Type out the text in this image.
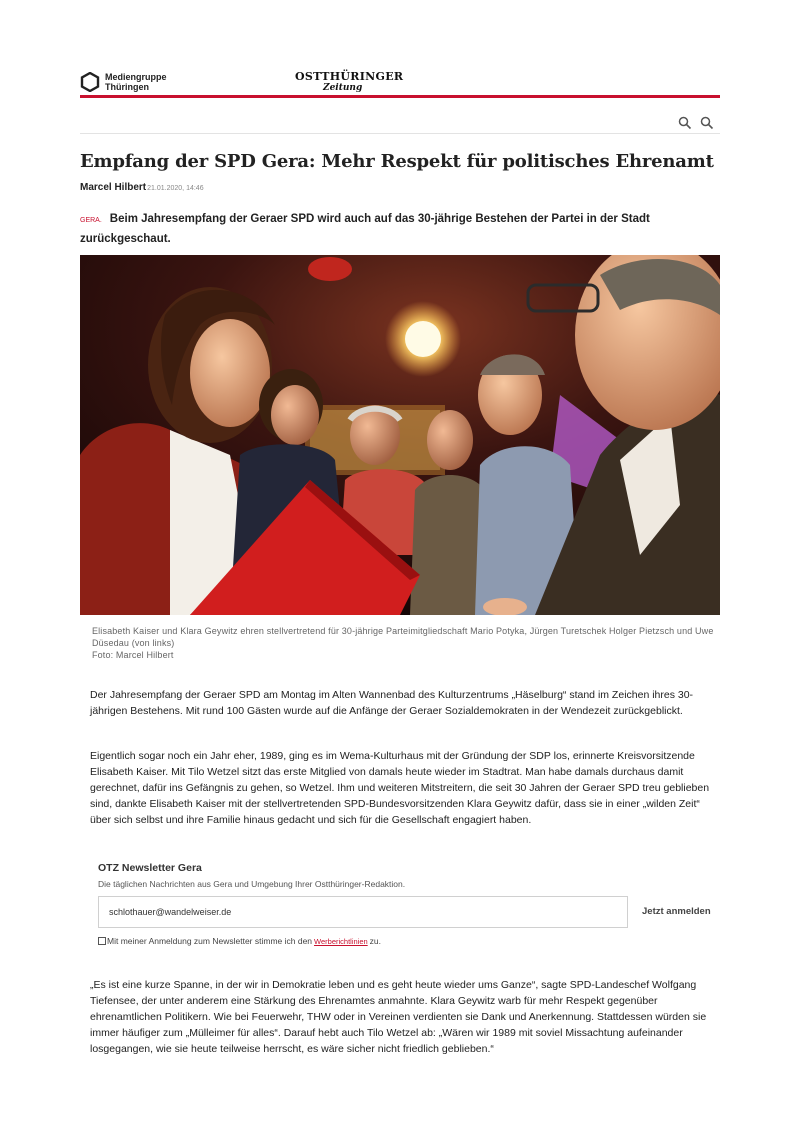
Mediengruppe
Thüringen
OSTTHÜRINGER
Zeitung
Empfang der SPD Gera: Mehr Respekt für politisches Ehrenamt
Marcel Hilbert21.01.2020, 14:46

GERA. Beim Jahresempfang der Geraer SPD wird auch auf das 30-jährige Bestehen der Partei in der Stadt zurückgeschaut.

Elisabeth Kaiser und Klara Geywitz ehren stellvertretend für 30-jährige Parteimitgliedschaft Mario Potyka, Jürgen Turetschek Holger Pietzsch und Uwe Düsedau (von links)
Foto: Marcel Hilbert

Der Jahresempfang der Geraer SPD am Montag im Alten Wannenbad des Kulturzentrums „Häselburg“ stand im Zeichen ihres 30-jährigen Bestehens. Mit rund 100 Gästen wurde auf die Anfänge der Geraer Sozialdemokraten in der Wendezeit zurückgeblickt.

Eigentlich sogar noch ein Jahr eher, 1989, ging es im Wema-Kulturhaus mit der Gründung der SDP los, erinnerte Kreisvorsitzende Elisabeth Kaiser. Mit Tilo Wetzel sitzt das erste Mitglied von damals heute wieder im Stadtrat. Man habe damals durchaus damit gerechnet, dafür ins Gefängnis zu gehen, so Wetzel. Ihm und weiteren Mitstreitern, die seit 30 Jahren der Geraer SPD treu geblieben sind, dankte Elisabeth Kaiser mit der stellvertretenden SPD-Bundesvorsitzenden Klara Geywitz dafür, dass sie in einer „wilden Zeit“ über sich selbst und ihre Familie hinaus gedacht und sich für die Gesellschaft engagiert haben.

OTZ Newsletter Gera
Die täglichen Nachrichten aus Gera und Umgebung Ihrer Ostthüringer-Redaktion.
schlothauer@wandelweiser.de
Jetzt anmelden
Mit meiner Anmeldung zum Newsletter stimme ich den Werberichtlinien zu.

„Es ist eine kurze Spanne, in der wir in Demokratie leben und es geht heute wieder ums Ganze“, sagte SPD-Landeschef Wolfgang Tiefensee, der unter anderem eine Stärkung des Ehrenamtes anmahnte. Klara Geywitz warb für mehr Respekt gegenüber ehrenamtlichen Politikern. Wie bei Feuerwehr, THW oder in Vereinen verdienten sie Dank und Anerkennung. Stattdessen würden sie immer häufiger zum „Mülleimer für alles“. Darauf hebt auch Tilo Wetzel ab: „Wären wir 1989 mit soviel Missachtung aufeinander losgegangen, wie sie heute teilweise herrscht, es wäre sicher nicht friedlich geblieben.“
